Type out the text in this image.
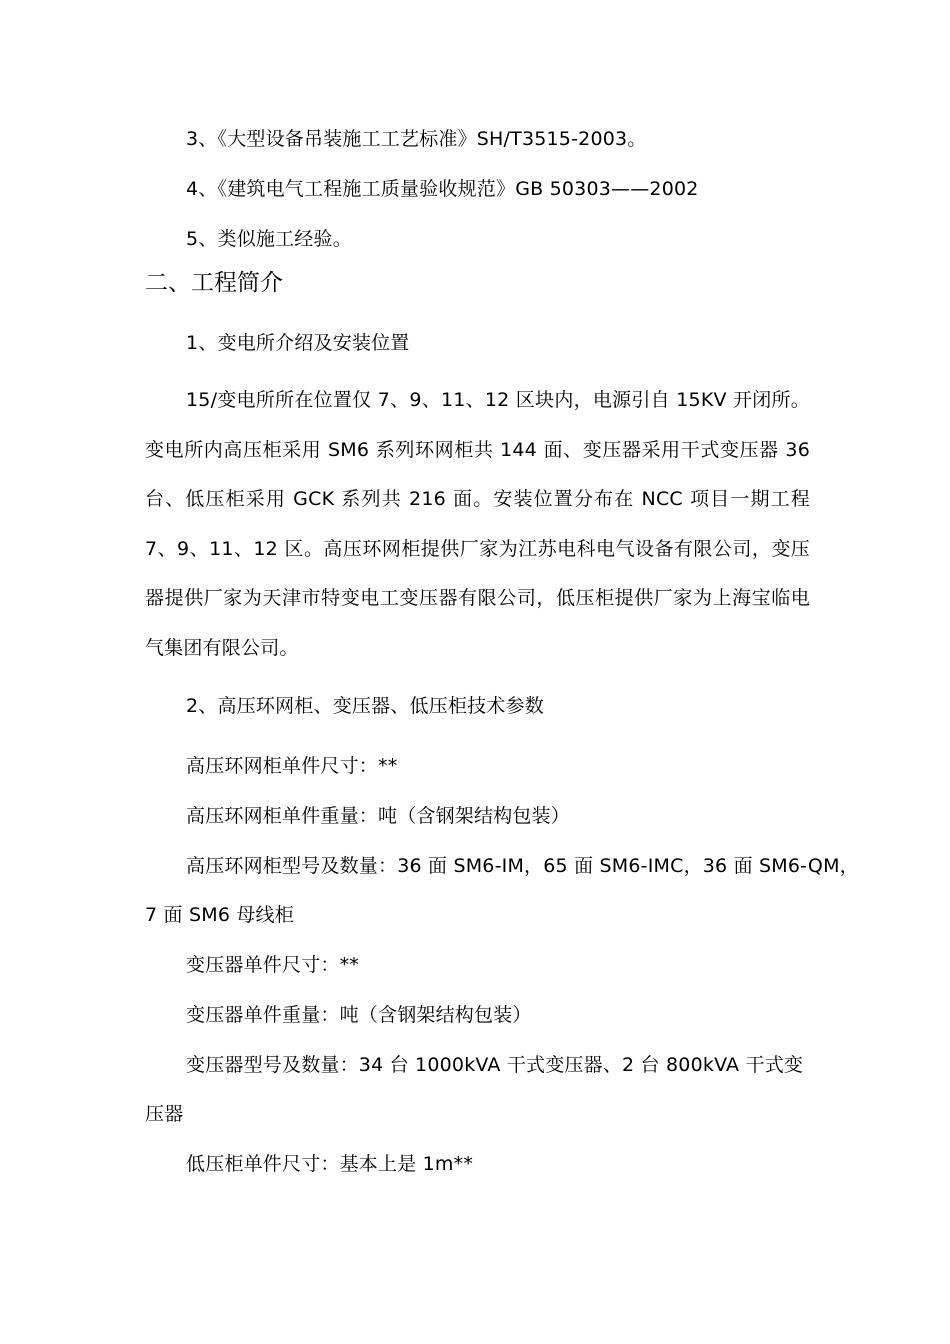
3、《大型设备吊装施工工艺标准》SH/T3515-2003。
4、《建筑电气工程施工质量验收规范》GB 50303——2002
5、类似施工经验。
二、工程简介
1、变电所介绍及安装位置

15/变电所所在位置仅 7、9、11、12 区块内，电源引自 15KV 开闭所。变电所内高压柜采用 SM6 系列环网柜共 144 面、变压器采用干式变压器 36 台、低压柜采用 GCK 系列共 216 面。安装位置分布在 NCC 项目一期工程 7、9、11、12 区。高压环网柜提供厂家为江苏电科电气设备有限公司，变压器提供厂家为天津市特变电工变压器有限公司，低压柜提供厂家为上海宝临电气集团有限公司。

2、高压环网柜、变压器、低压柜技术参数
高压环网柜单件尺寸：**
高压环网柜单件重量：吨（含钢架结构包装）
高压环网柜型号及数量：36 面 SM6-IM，65 面 SM6-IMC，36 面 SM6-QM，
7 面 SM6 母线柜
变压器单件尺寸：**
变压器单件重量：吨（含钢架结构包装）
变压器型号及数量：34 台 1000kVA 干式变压器、2 台 800kVA 干式变
压器
低压柜单件尺寸：基本上是 1m**
